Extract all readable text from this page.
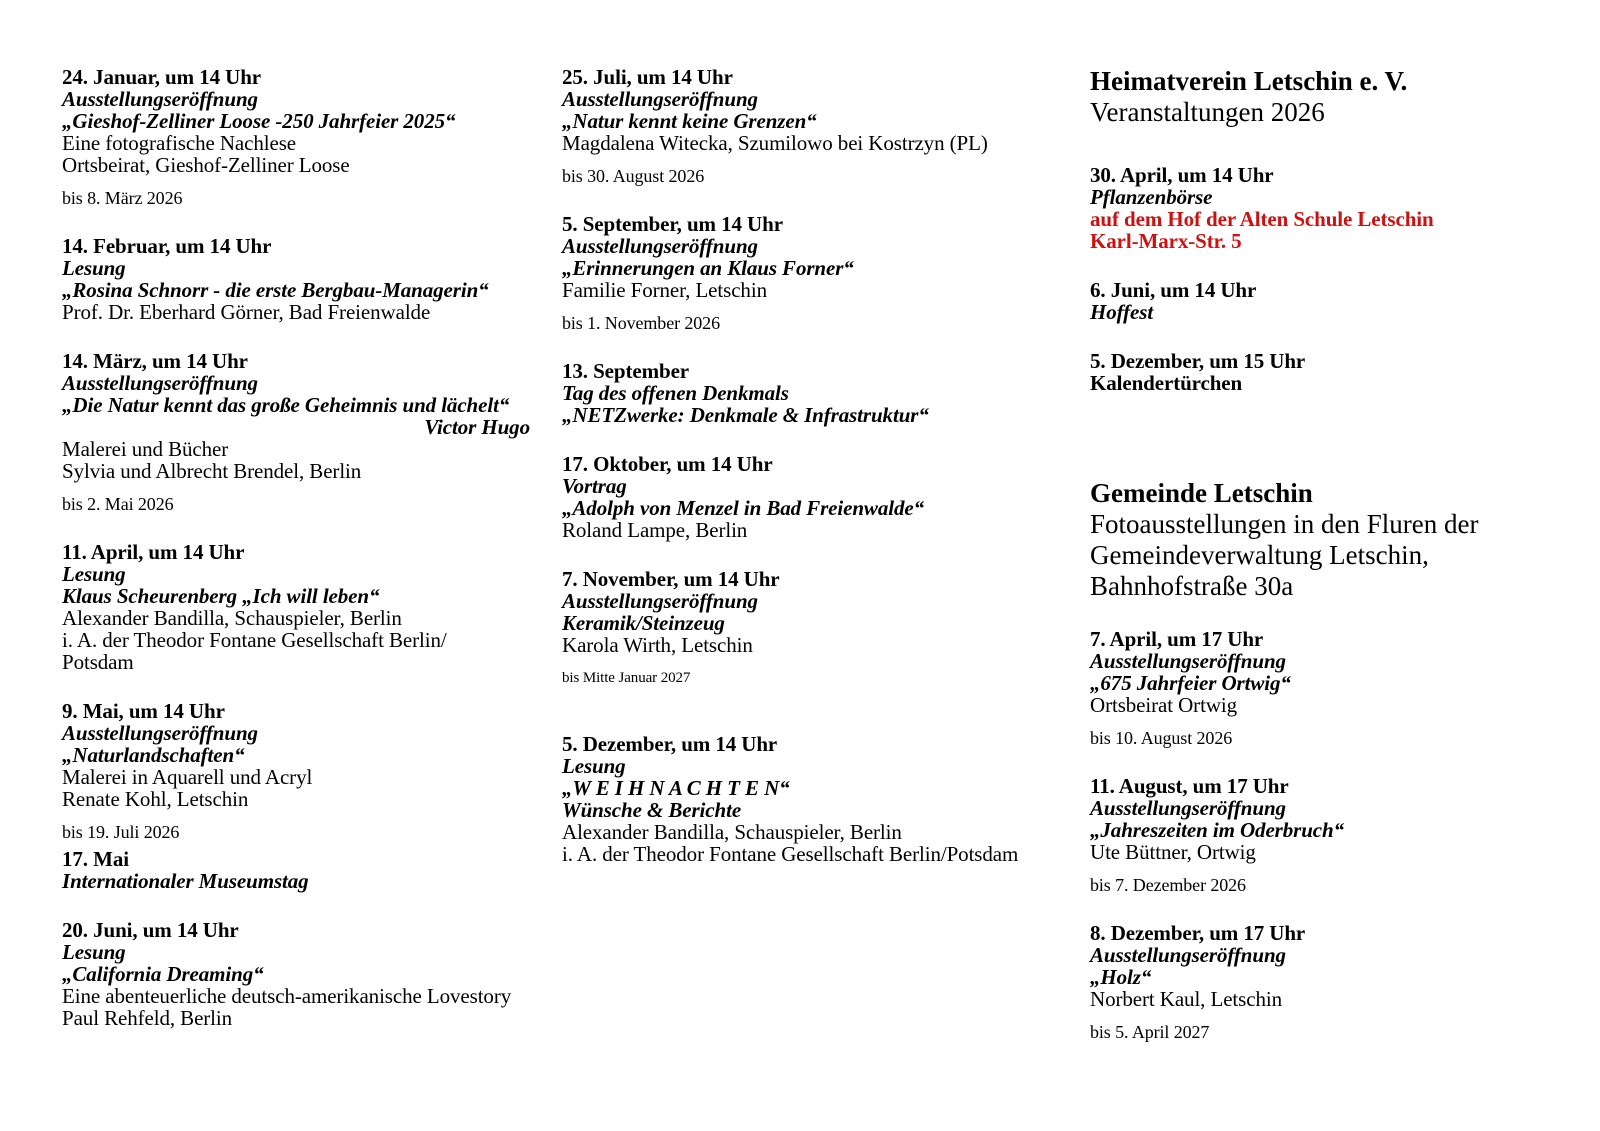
24. Januar, um 14 Uhr
Ausstellungseröffnung
„Gieshof-Zelliner Loose -250 Jahrfeier 2025“
Eine fotografische Nachlese
Ortsbeirat, Gieshof-Zelliner Loose
bis 8. März 2026
14. Februar, um 14 Uhr
Lesung
„Rosina Schnorr - die erste Bergbau-Managerin“
Prof. Dr. Eberhard Görner, Bad Freienwalde
14. März, um 14 Uhr
Ausstellungseröffnung
„Die Natur kennt das große Geheimnis und lächelt“
Victor Hugo
Malerei und Bücher
Sylvia und Albrecht Brendel, Berlin
bis 2. Mai 2026
11. April, um 14 Uhr
Lesung
Klaus Scheurenberg „Ich will leben“
Alexander Bandilla, Schauspieler, Berlin
i. A. der Theodor Fontane Gesellschaft Berlin/
Potsdam
9. Mai, um 14 Uhr
Ausstellungseröffnung
„Naturlandschaften“
Malerei in Aquarell und Acryl
Renate Kohl, Letschin
bis 19. Juli 2026
17. Mai
Internationaler Museumstag
20. Juni, um 14 Uhr
Lesung
„California Dreaming“
Eine abenteuerliche deutsch-amerikanische Lovestory
Paul Rehfeld, Berlin
25. Juli, um 14 Uhr
Ausstellungseröffnung
„Natur kennt keine Grenzen“
Magdalena Witecka, Szumilowo bei Kostrzyn (PL)
bis 30. August 2026
5. September, um 14 Uhr
Ausstellungseröffnung
„Erinnerungen an Klaus Forner“
Familie Forner, Letschin
bis 1. November 2026
13. September
Tag des offenen Denkmals
„NETZwerke: Denkmale & Infrastruktur“
17. Oktober, um 14 Uhr
Vortrag
„Adolph von Menzel in Bad Freienwalde“
Roland Lampe, Berlin
7. November, um 14 Uhr
Ausstellungseröffnung
Keramik/Steinzeug
Karola Wirth, Letschin
bis Mitte Januar 2027
5. Dezember, um 14 Uhr
Lesung
„W E I H N A C H T E N“
Wünsche & Berichte
Alexander Bandilla, Schauspieler, Berlin
i. A. der Theodor Fontane Gesellschaft Berlin/Potsdam
Heimatverein Letschin e. V.
Veranstaltungen 2026
30. April, um 14 Uhr
Pflanzenbörse
auf dem Hof der Alten Schule Letschin
Karl-Marx-Str. 5
6. Juni, um 14 Uhr
Hoffest
5. Dezember, um 15 Uhr
Kalendertürchen
Gemeinde Letschin
Fotoausstellungen in den Fluren der
Gemeindeverwaltung Letschin,
Bahnhofstraße 30a
7. April, um 17 Uhr
Ausstellungseröffnung
„675 Jahrfeier Ortwig“
Ortsbeirat Ortwig
bis 10. August 2026
11. August, um 17 Uhr
Ausstellungseröffnung
„Jahreszeiten im Oderbruch“
Ute Büttner, Ortwig
bis 7. Dezember 2026
8. Dezember, um 17 Uhr
Ausstellungseröffnung
„Holz“
Norbert Kaul, Letschin
bis 5. April 2027
